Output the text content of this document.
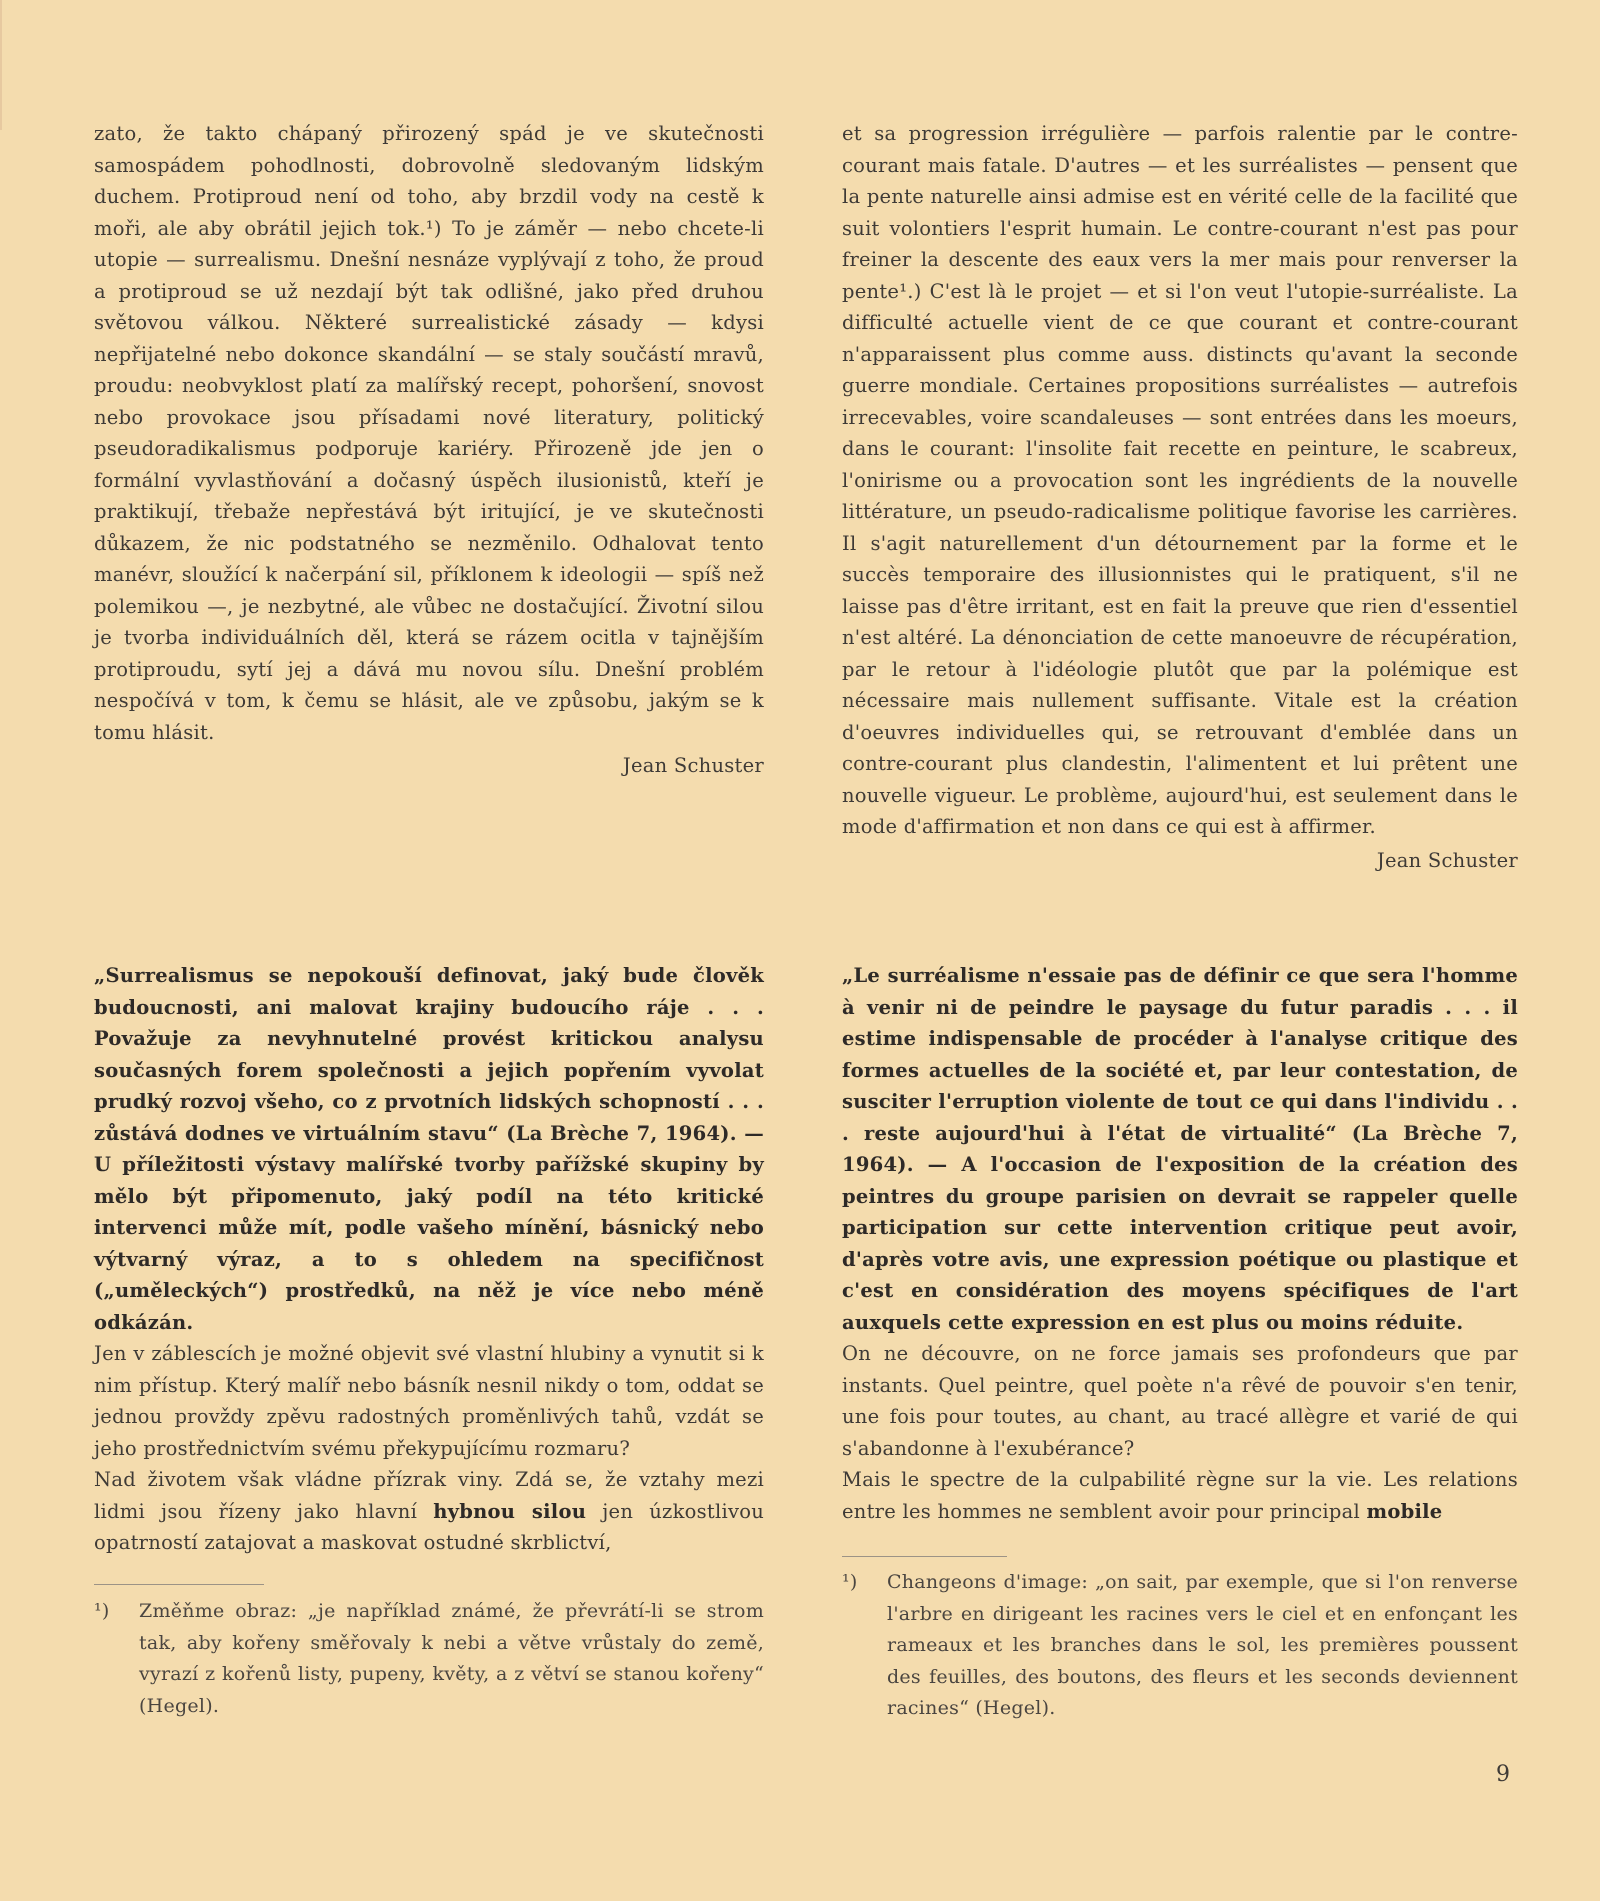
zato, že takto chápaný přirozený spád je ve skutečnosti samospádem pohodlnosti, dobrovolně sledovaným lidským duchem. Protiproud není od toho, aby brzdil vody na cestě k moři, ale aby obrátil jejich tok.¹) To je záměr — nebo chcete-li utopie — surrealismu. Dnešní nesnáze vyplývají z toho, že proud a protiproud se už nezdají být tak odlišné, jako před druhou světovou válkou. Některé surrealistické zásady — kdysi nepřijatelné nebo dokonce skandální — se staly součástí mravů, proudu: neobvyklost platí za malířský recept, pohoršení, snovost nebo provokace jsou přísadami nové literatury, politický pseudoradikalismus podporuje kariéry. Přirozeně jde jen o formální vyvlastňování a dočasný úspěch ilusionistů, kteří je praktikují, třebaže nepřestává být iritující, je ve skutečnosti důkazem, že nic podstatného se nezměnilo. Odhalovat tento manévr, sloužící k načerpání sil, příklonem k ideologii — spíš než polemikou —, je nezbytné, ale vůbec ne dostačující. Životní silou je tvorba individuálních děl, která se rázem ocitla v tajnějším protiproudu, sytí jej a dává mu novou sílu. Dnešní problém nespočívá v tom, k čemu se hlásit, ale ve způsobu, jakým se k tomu hlásit.

Jean Schuster

et sa progression irrégulière — parfois ralentie par le contre-courant mais fatale. D'autres — et les surréalistes — pensent que la pente naturelle ainsi admise est en vérité celle de la facilité que suit volontiers l'esprit humain. Le contre-courant n'est pas pour freiner la descente des eaux vers la mer mais pour renverser la pente¹.) C'est là le projet — et si l'on veut l'utopie-surréaliste. La difficulté actuelle vient de ce que courant et contre-courant n'apparaissent plus comme auss. distincts qu'avant la seconde guerre mondiale. Certaines propositions surréalistes — autrefois irrecevables, voire scandaleuses — sont entrées dans les moeurs, dans le courant: l'insolite fait recette en peinture, le scabreux, l'onirisme ou a provocation sont les ingrédients de la nouvelle littérature, un pseudo-radicalisme politique favorise les carrières. Il s'agit naturellement d'un détournement par la forme et le succès temporaire des illusionnistes qui le pratiquent, s'il ne laisse pas d'être irritant, est en fait la preuve que rien d'essentiel n'est altéré. La dénonciation de cette manoeuvre de récupération, par le retour à l'idéologie plutôt que par la polémique est nécessaire mais nullement suffisante. Vitale est la création d'oeuvres individuelles qui, se retrouvant d'emblée dans un contre-courant plus clandestin, l'alimentent et lui prêtent une nouvelle vigueur. Le problème, aujourd'hui, est seulement dans le mode d'affirmation et non dans ce qui est à affirmer.

Jean Schuster

„Surrealismus se nepokouší definovat, jaký bude člověk budoucnosti, ani malovat krajiny budoucího ráje . . . Považuje za nevyhnutelné provést kritickou analysu současných forem společnosti a jejich popřením vyvolat prudký rozvoj všeho, co z prvotních lidských schopností . . . zůstává dodnes ve virtuálním stavu“ (La Brèche 7, 1964). — U příležitosti výstavy malířské tvorby pařížské skupiny by mělo být připomenuto, jaký podíl na této kritické intervenci může mít, podle vašeho mínění, básnický nebo výtvarný výraz, a to s ohledem na specifičnost („uměleckých“) prostředků, na něž je více nebo méně odkázán.

Jen v záblescích je možné objevit své vlastní hlubiny a vynutit si k nim přístup. Který malíř nebo básník nesnil nikdy o tom, oddat se jednou provždy zpěvu radostných proměnlivých tahů, vzdát se jeho prostřednictvím svému překypujícímu rozmaru?

Nad životem však vládne přízrak viny. Zdá se, že vztahy mezi lidmi jsou řízeny jako hlavní hybnou silou jen úzkostlivou opatrností zatajovat a maskovat ostudné skrblictví,

„Le surréalisme n'essaie pas de définir ce que sera l'homme à venir ni de peindre le paysage du futur paradis . . . il estime indispensable de procéder à l'analyse critique des formes actuelles de la société et, par leur contestation, de susciter l'erruption violente de tout ce qui dans l'individu . . . reste aujourd'hui à l'état de virtualité“ (La Brèche 7, 1964). — A l'occasion de l'exposition de la création des peintres du groupe parisien on devrait se rappeler quelle participation sur cette intervention critique peut avoir, d'après votre avis, une expression poétique ou plastique et c'est en considération des moyens spécifiques de l'art auxquels cette expression en est plus ou moins réduite.

On ne découvre, on ne force jamais ses profondeurs que par instants. Quel peintre, quel poète n'a rêvé de pouvoir s'en tenir, une fois pour toutes, au chant, au tracé allègre et varié de qui s'abandonne à l'exubérance?

Mais le spectre de la culpabilité règne sur la vie. Les relations entre les hommes ne semblent avoir pour principal mobile

¹) Změňme obraz: „je například známé, že převrátí-li se strom tak, aby kořeny směřovaly k nebi a větve vrůstaly do země, vyrazí z kořenů listy, pupeny, květy, a z větví se stanou kořeny“ (Hegel).
¹) Changeons d'image: „on sait, par exemple, que si l'on renverse l'arbre en dirigeant les racines vers le ciel et en enfonçant les rameaux et les branches dans le sol, les premières poussent des feuilles, des boutons, des fleurs et les seconds deviennent racines“ (Hegel).
9
